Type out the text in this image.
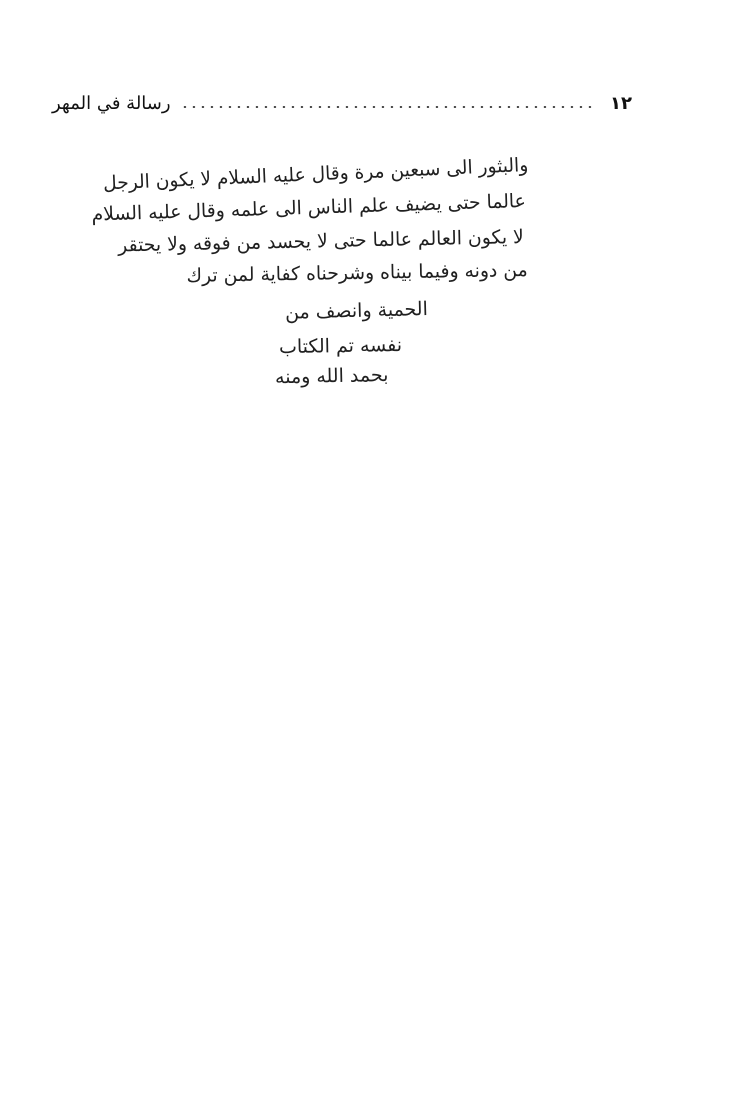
١٢
رسالة في المهر
والبثور الى سبعين مرة وقال عليه السلام لا يكون الرجل
عالما حتى يضيف علم الناس الى علمه وقال عليه السلام
لا يكون العالم عالما حتى لا يحسد من فوقه ولا يحتقر
من دونه وفيما بيناه وشرحناه كفاية لمن ترك
الحمية وانصف من
نفسه تم الكتاب
بحمد الله ومنه
